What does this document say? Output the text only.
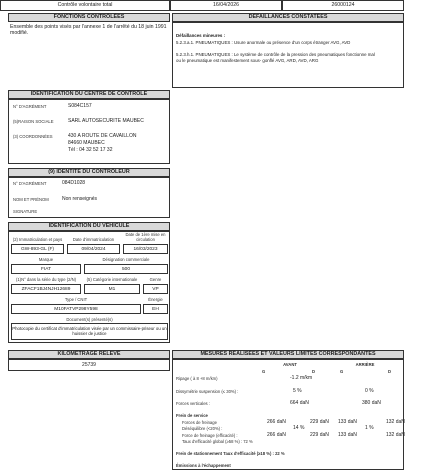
Contrôle volontaire total	16/04/2026	26000124
FONCTIONS CONTRÔLÉES	DÉFAILLANCES CONSTATÉES
Ensemble des points visés par l'annexe 1 de l'arrêté du 18 juin 1991 modifié.	Défaillances mineures :
5.2.3.a.1. PNEUMATIQUES : Usure anormale ou présence d'un corps étranger AVG, AVD
5.2.3.h.1. PNEUMATIQUES : Le système de contrôle de la pression des pneumatiques fonctionne mal ou le pneumatique est manifestement sous- gonflé AVG, ARD, AVD, ARG
IDENTIFICATION DU CENTRE DE CONTRÔLE
N° D'AGRÉMENT	S084C157
(5)RAISON SOCIALE	SARL AUTOSECURITE MAUBEC
(3) COORDONNÉES	430 A ROUTE DE CAVAILLON
84660 MAUBEC
Tél : 04 32 52 17 32
(9) IDENTITÉ DU CONTRÔLEUR
N° D'AGRÉMENT	084D1028
NOM ET PRÉNOM	Non renseignés
SIGNATURE
IDENTIFICATION DU VÉHICULE
(2) Immatriculation et pays	Date d'immatriculation
Date de 1ère mise en circulation
GW-893-GL (F)	09/04/2024	16/03/2023
Marque	Désignation commerciale
FIAT	500
(1)N° dans la série du type (2/N)	(5) Catégorie internationale	Genre
ZFACF1BJ4NJH12689	M1	VP
Type / CNIT	Énergie
M10FATVP298Y598	EH
Document(s) présenté(s)
Photocopie du certificat d'immatriculation visée par un commissaire-priseur ou un huissier de justice
KILOMÉTRAGE RELEVÉ
25739
MESURES RÉALISÉES ET VALEURS LIMITES CORRESPONDANTES
AVANT	ARRIÈRE
G	D	G	D
Ripage ( à 8 +8 m/km)	-1.2 m/km
Dissymétrie suspension (≤ 30%) :	5 %	0 %
Forces verticales :	664 daN	380 daN
Frein de service
Forces de freinage	266 daN	229 daN 133 daN	132 daN
Déséquilibre (<20%) :	14 %	1 %
Force de freinage (efficacité) :	266 daN	229 daN 133 daN	132 daN
Taux d'efficacité global (≥58 %) : 72 %
Frein de stationnement Taux d'efficacité (≥18 %) : 22 %
Émissions à l'échappement
